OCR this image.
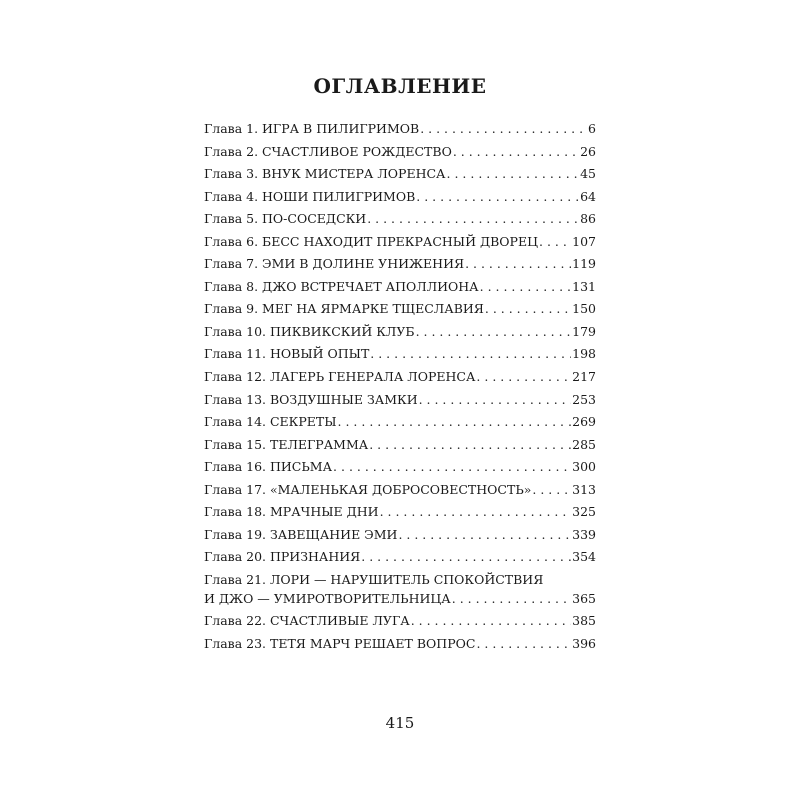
ОГЛАВЛЕНИЕ
Глава 1. ИГРА В ПИЛИГРИМОВ . . .	6
Глава 2. СЧАСТЛИВОЕ РОЖДЕСТВО . . .	26
Глава 3. ВНУК МИСТЕРА ЛОРЕНСА . . .	45
Глава 4. НОШИ ПИЛИГРИМОВ . . .	64
Глава 5. ПО-СОСЕДСКИ . . .	86
Глава 6. БЕСС НАХОДИТ ПРЕКРАСНЫЙ ДВОРЕЦ . . .	107
Глава 7. ЭМИ В ДОЛИНЕ УНИЖЕНИЯ . . .	119
Глава 8. ДЖО ВСТРЕЧАЕТ АПОЛЛИОНА . . .	131
Глава 9. МЕГ НА ЯРМАРКЕ ТЩЕСЛАВИЯ . . .	150
Глава 10. ПИКВИКСКИЙ КЛУБ . . .	179
Глава 11. НОВЫЙ ОПЫТ . . .	198
Глава 12. ЛАГЕРЬ ГЕНЕРАЛА ЛОРЕНСА . . .	217
Глава 13. ВОЗДУШНЫЕ ЗАМКИ . . .	253
Глава 14. СЕКРЕТЫ . . .	269
Глава 15. ТЕЛЕГРАММА . . .	285
Глава 16. ПИСЬМА . . .	300
Глава 17. «МАЛЕНЬКАЯ ДОБРОСОВЕСТНОСТЬ» . . .	313
Глава 18. МРАЧНЫЕ ДНИ . . .	325
Глава 19. ЗАВЕЩАНИЕ ЭМИ . . .	339
Глава 20. ПРИЗНАНИЯ . . .	354
Глава 21. ЛОРИ — НАРУШИТЕЛЬ СПОКОЙСТВИЯ
И ДЖО — УМИРОТВОРИТЕЛЬНИЦА . . .	365
Глава 22. СЧАСТЛИВЫЕ ЛУГА . . .	385
Глава 23. ТЕТЯ МАРЧ РЕШАЕТ ВОПРОС . . .	396
415
